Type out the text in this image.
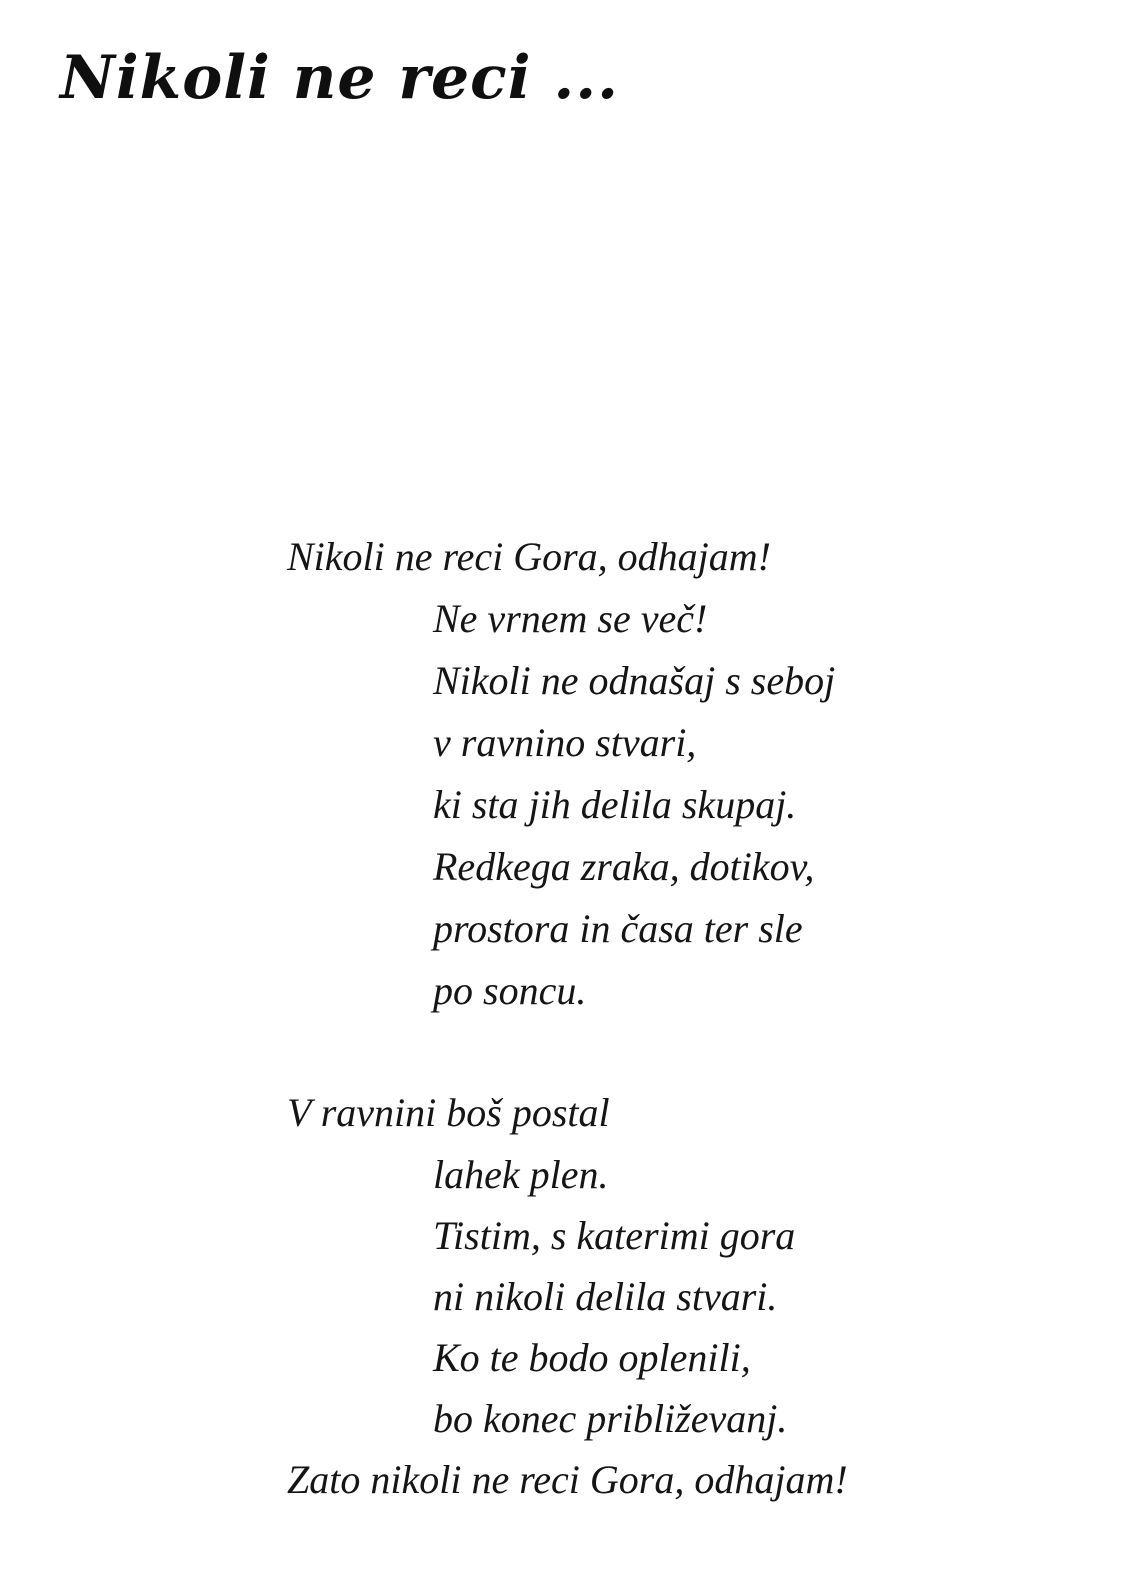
Nikoli ne reci ...

Nikoli ne reci Gora, odhajam!

Ne vrnem se več!

Nikoli ne odnašaj s seboj

v ravnino stvari,

ki sta jih delila skupaj.

Redkega zraka, dotikov,

prostora in časa ter sle

po soncu.

V ravnini boš postal

lahek plen.

Tistim, s katerimi gora

ni nikoli delila stvari.

Ko te bodo oplenili,

bo konec približevanj.

Zato nikoli ne reci Gora, odhajam!
